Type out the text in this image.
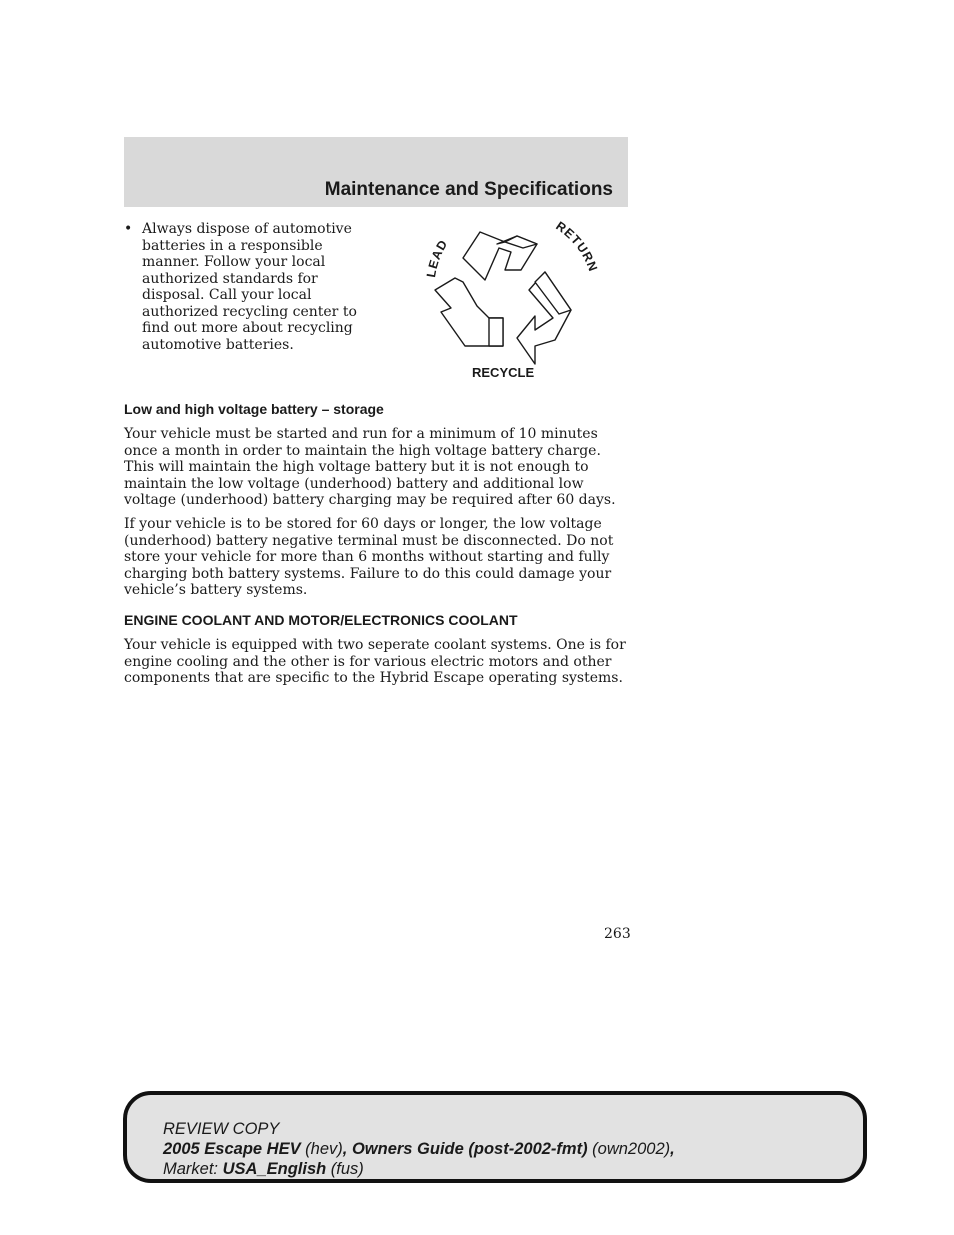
Maintenance and Specifications
• Always dispose of automotive batteries in a responsible manner. Follow your local authorized standards for disposal. Call your local authorized recycling center to find out more about recycling automotive batteries.
LEAD
RETURN
RECYCLE
Low and high voltage battery – storage

Your vehicle must be started and run for a minimum of 10 minutes once a month in order to maintain the high voltage battery charge. This will maintain the high voltage battery but it is not enough to maintain the low voltage (underhood) battery and additional low voltage (underhood) battery charging may be required after 60 days.

If your vehicle is to be stored for 60 days or longer, the low voltage (underhood) battery negative terminal must be disconnected. Do not store your vehicle for more than 6 months without starting and fully charging both battery systems. Failure to do this could damage your vehicle’s battery systems.

ENGINE COOLANT AND MOTOR/ELECTRONICS COOLANT

Your vehicle is equipped with two seperate coolant systems. One is for engine cooling and the other is for various electric motors and other components that are specific to the Hybrid Escape operating systems.

263
REVIEW COPY
2005 Escape HEV (hev), Owners Guide (post-2002-fmt) (own2002),
Market: USA_English (fus)
